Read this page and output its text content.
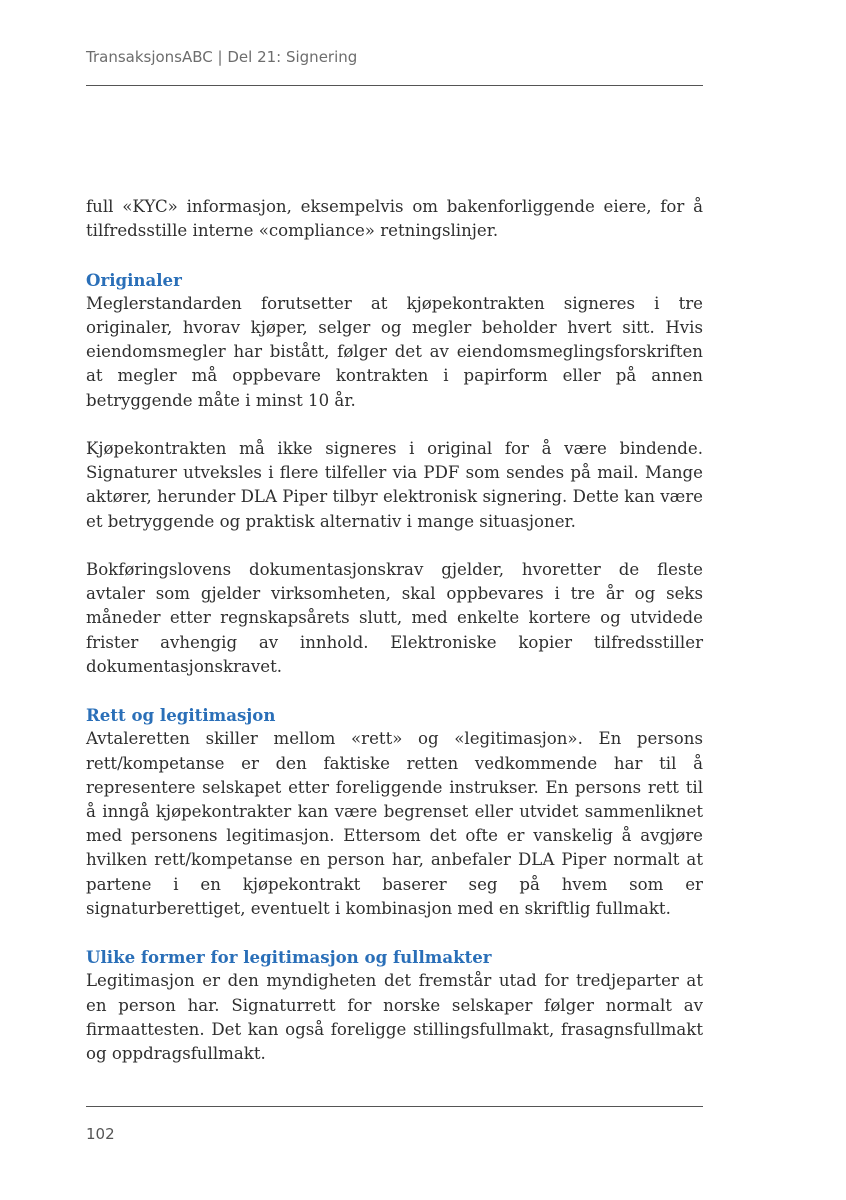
TransaksjonsABC | Del 21: Signering

full «KYC» informasjon, eksempelvis om bakenforliggende eiere, for å tilfredsstille interne «compliance» retningslinjer.

Originaler

Meglerstandarden forutsetter at kjøpekontrakten signeres i tre originaler, hvorav kjøper, selger og megler beholder hvert sitt. Hvis eiendomsmegler har bistått, følger det av eiendomsmeglingsforskriften at megler må oppbevare kontrakten i papirform eller på annen betryggende måte i minst 10 år.

Kjøpekontrakten må ikke signeres i original for å være bindende. Signaturer utveksles i flere tilfeller via PDF som sendes på mail. Mange aktører, herunder DLA Piper tilbyr elektronisk signering. Dette kan være et betryggende og praktisk alternativ i mange situasjoner.

Bokføringslovens dokumentasjonskrav gjelder, hvoretter de fleste avtaler som gjelder virksomheten, skal oppbevares i tre år og seks måneder etter regnskapsårets slutt, med enkelte kortere og utvidede frister avhengig av innhold. Elektroniske kopier tilfredsstiller dokumentasjonskravet.

Rett og legitimasjon

Avtaleretten skiller mellom «rett» og «legitimasjon». En persons rett/kompetanse er den faktiske retten vedkommende har til å representere selskapet etter foreliggende instrukser. En persons rett til å inngå kjøpekontrakter kan være begrenset eller utvidet sammenliknet med personens legitimasjon. Ettersom det ofte er vanskelig å avgjøre hvilken rett/kompetanse en person har, anbefaler DLA Piper normalt at partene i en kjøpekontrakt baserer seg på hvem som er signaturberettiget, eventuelt i kombinasjon med en skriftlig fullmakt.

Ulike former for legitimasjon og fullmakter

Legitimasjon er den myndigheten det fremstår utad for tredjeparter at en person har. Signaturrett for norske selskaper følger normalt av firmaattesten. Det kan også foreligge stillingsfullmakt, frasagnsfullmakt og oppdragsfullmakt.

102
